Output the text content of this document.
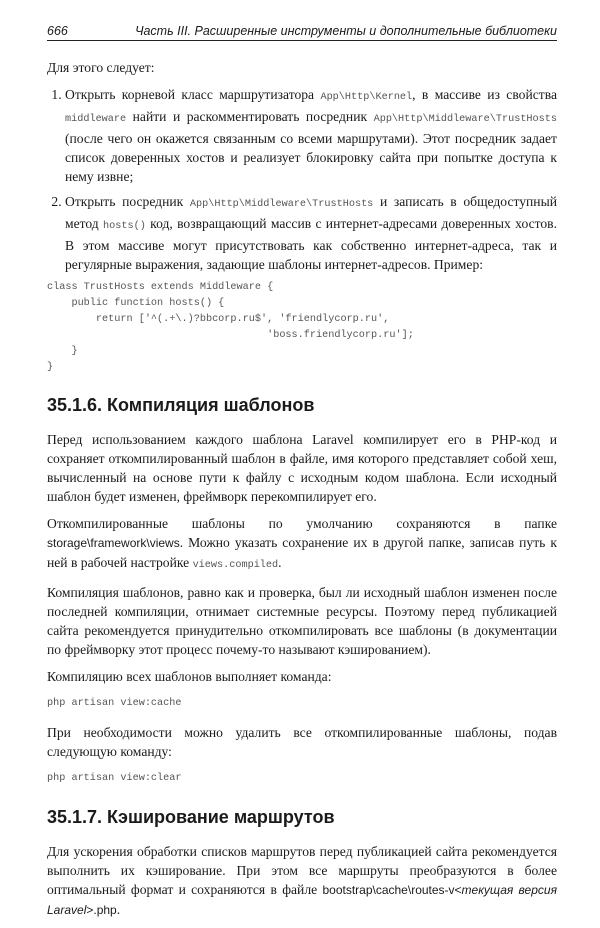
666	Часть III. Расширенные инструменты и дополнительные библиотеки

Для этого следует:

1. Открыть корневой класс маршрутизатора App\Http\Kernel, в массиве из свойства middleware найти и раскомментировать посредник App\Http\Middleware\TrustHosts (после чего он окажется связанным со всеми маршрутами). Этот посредник задает список доверенных хостов и реализует блокировку сайта при попытке доступа к нему извне;
2. Открыть посредник App\Http\Middleware\TrustHosts и записать в общедоступный метод hosts() код, возвращающий массив с интернет-адресами доверенных хостов. В этом массиве могут присутствовать как собственно интернет-адреса, так и регулярные выражения, задающие шаблоны интернет-адресов. Пример:
class TrustHosts extends Middleware {
public function hosts() {
return ['^(.+\.)?bbcorp.ru$', 'friendlycorp.ru',
'boss.friendlycorp.ru'];
}
}
35.1.6. Компиляция шаблонов

Перед использованием каждого шаблона Laravel компилирует его в PHP-код и сохраняет откомпилированный шаблон в файле, имя которого представляет собой хеш, вычисленный на основе пути к файлу с исходным кодом шаблона. Если исходный шаблон будет изменен, фреймворк перекомпилирует его.

Откомпилированные шаблоны по умолчанию сохраняются в папке storage\framework\views. Можно указать сохранение их в другой папке, записав путь к ней в рабочей настройке views.compiled.

Компиляция шаблонов, равно как и проверка, был ли исходный шаблон изменен после последней компиляции, отнимает системные ресурсы. Поэтому перед публикацией сайта рекомендуется принудительно откомпилировать все шаблоны (в документации по фреймворку этот процесс почему-то называют кэшированием).

Компиляцию всех шаблонов выполняет команда:

php artisan view:cache

При необходимости можно удалить все откомпилированные шаблоны, подав следующую команду:

php artisan view:clear
35.1.7. Кэширование маршрутов

Для ускорения обработки списков маршрутов перед публикацией сайта рекомендуется выполнить их кэширование. При этом все маршруты преобразуются в более оптимальный формат и сохраняются в файле bootstrap\cache\routes-v<текущая версия Laravel>.php.
